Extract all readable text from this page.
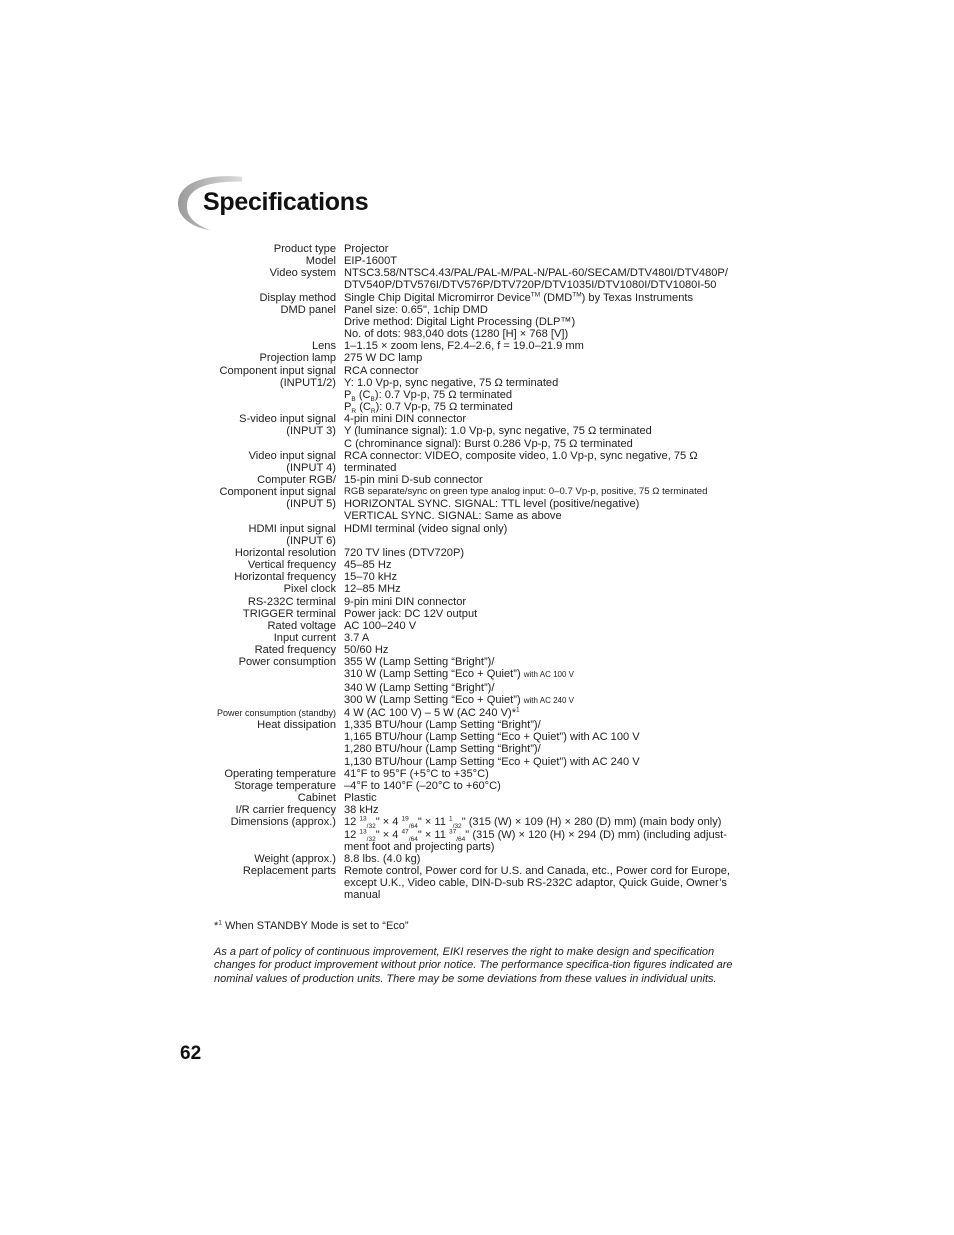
Specifications
Product type Projector
Model EIP-1600T
Video system NTSC3.58/NTSC4.43/PAL/PAL-M/PAL-N/PAL-60/SECAM/DTV480I/DTV480P/
DTV540P/DTV576I/DTV576P/DTV720P/DTV1035I/DTV1080I/DTV1080I-50
Display method Single Chip Digital Micromirror Device™ (DMD™) by Texas Instruments
DMD panel Panel size: 0.65", 1chip DMD
Drive method: Digital Light Processing (DLP™)
No. of dots: 983,040 dots (1280 [H] × 768 [V])
Lens 1–1.15 × zoom lens, F2.4–2.6, f = 19.0–21.9 mm
Projection lamp 275 W DC lamp
Component input signal
(INPUT1/2)
RCA connector
Y: 1.0 Vp-p, sync negative, 75 Ω terminated
$P_B$ $(C_B)$: 0.7 Vp-p, 75 Ω terminated
$P_R$ $(C_R)$: 0.7 Vp-p, 75 Ω terminated
S-video input signal
(INPUT 3)
4-pin mini DIN connector
Y (luminance signal): 1.0 Vp-p, sync negative, 75 Ω terminated
C (chrominance signal): Burst 0.286 Vp-p, 75 Ω terminated
Video input signal
(INPUT 4)
RCA connector: VIDEO, composite video, 1.0 Vp-p, sync negative, 75 Ω
terminated
Computer RGB/
Component input signal
(INPUT 5)
15-pin mini D-sub connector
RGB separate/sync on green type analog input: 0–0.7 Vp-p, positive, 75 Ω terminated
HORIZONTAL SYNC. SIGNAL: TTL level (positive/negative)
VERTICAL SYNC. SIGNAL: Same as above
HDMI input signal
(INPUT 6)
HDMI terminal (video signal only)
Horizontal resolution 720 TV lines (DTV720P)
Vertical frequency 45–85 Hz
Horizontal frequency 15–70 kHz
Pixel clock 12–85 MHz
RS-232C terminal 9-pin mini DIN connector
TRIGGER terminal Power jack: DC 12V output
Rated voltage AC 100–240 V
Input current 3.7 A
Rated frequency 50/60 Hz
Power consumption 355 W (Lamp Setting “Bright”)/
310 W (Lamp Setting “Eco + Quiet”) with AC 100 V
340 W (Lamp Setting “Bright”)/
300 W (Lamp Setting “Eco + Quiet”) with AC 240 V
Power consumption (standby) 4 W (AC 100 V) – 5 W (AC 240 V)*$^1$
Heat dissipation 1,335 BTU/hour (Lamp Setting “Bright”)/
1,165 BTU/hour (Lamp Setting “Eco + Quiet”) with AC 100 V
1,280 BTU/hour (Lamp Setting “Bright”)/
1,130 BTU/hour (Lamp Setting “Eco + Quiet”) with AC 240 V
Operating temperature 41°F to 95°F (+5°C to +35°C)
Storage temperature –4°F to 140°F (–20°C to +60°C)
Cabinet Plastic
I/R carrier frequency 38 kHz
Dimensions (approx.) 12 $^{13}_{/32}$" × 4 $^{19}_{/64}$" × 11 $^1_{/32}$" (315 (W) × 109 (H) × 280 (D) mm) (main body only)
12 $^{13}_{/32}$" × 4 $^{47}_{/64}$" × 11 $^{37}_{/64}$" (315 (W) × 120 (H) × 294 (D) mm) (including adjust-
ment foot and projecting parts)
Weight (approx.) 8.8 lbs. (4.0 kg)
Replacement parts Remote control, Power cord for U.S. and Canada, etc., Power cord for Europe,
except U.K., Video cable, DIN-D-sub RS-232C adaptor, Quick Guide, Owner’s
manual

*$^1$ When STANDBY Mode is set to “Eco”

As a part of policy of continuous improvement, EIKI reserves the right to make design and specification changes for product improvement without prior notice. The performance specifica-tion figures indicated are nominal values of production units. There may be some deviations from these values in individual units.

62
